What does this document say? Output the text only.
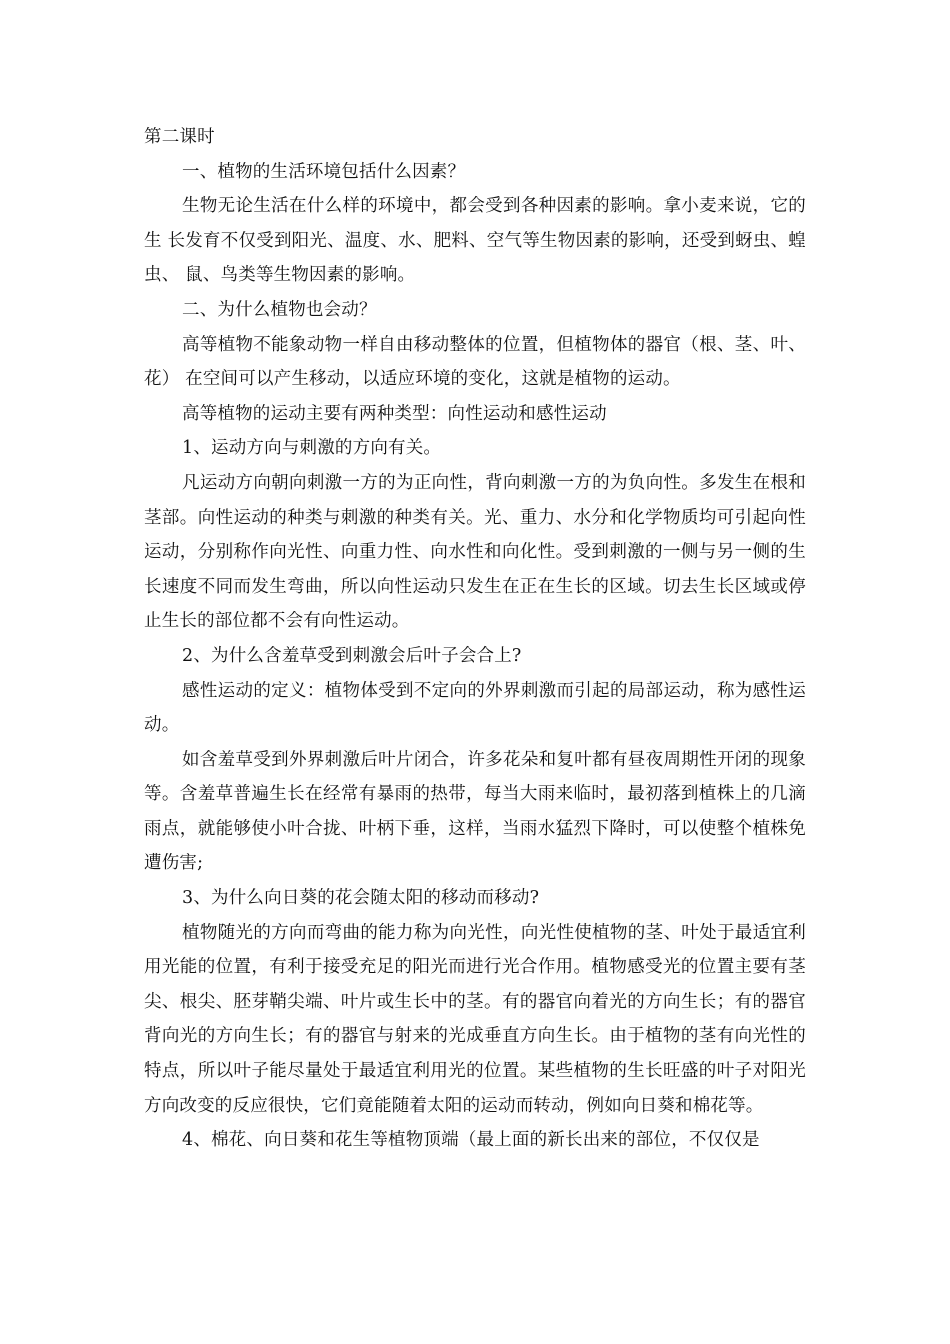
第二课时

一、植物的生活环境包括什么因素？

生物无论生活在什么样的环境中，都会受到各种因素的影响。拿小麦来说，它的生 长发育不仅受到阳光、温度、水、肥料、空气等生物因素的影响，还受到蚜虫、蝗虫、 鼠、鸟类等生物因素的影响。

二、为什么植物也会动？

高等植物不能象动物一样自由移动整体的位置，但植物体的器官（根、茎、叶、花） 在空间可以产生移动，以适应环境的变化，这就是植物的运动。

高等植物的运动主要有两种类型：向性运动和感性运动

1、运动方向与刺激的方向有关。

凡运动方向朝向刺激一方的为正向性，背向刺激一方的为负向性。多发生在根和茎部。向性运动的种类与刺激的种类有关。光、重力、水分和化学物质均可引起向性运动，分别称作向光性、向重力性、向水性和向化性。受到刺激的一侧与另一侧的生长速度不同而发生弯曲，所以向性运动只发生在正在生长的区域。切去生长区域或停止生长的部位都不会有向性运动。

2、为什么含羞草受到刺激会后叶子会合上?

感性运动的定义：植物体受到不定向的外界刺激而引起的局部运动，称为感性运动。

如含羞草受到外界刺激后叶片闭合，许多花朵和复叶都有昼夜周期性开闭的现象等。含羞草普遍生长在经常有暴雨的热带，每当大雨来临时，最初落到植株上的几滴雨点，就能够使小叶合拢、叶柄下垂，这样，当雨水猛烈下降时，可以使整个植株免遭伤害;

3、为什么向日葵的花会随太阳的移动而移动?

植物随光的方向而弯曲的能力称为向光性，向光性使植物的茎、叶处于最适宜利用光能的位置，有利于接受充足的阳光而进行光合作用。植物感受光的位置主要有茎尖、根尖、胚芽鞘尖端、叶片或生长中的茎。有的器官向着光的方向生长；有的器官背向光的方向生长；有的器官与射来的光成垂直方向生长。由于植物的茎有向光性的特点，所以叶子能尽量处于最适宜利用光的位置。某些植物的生长旺盛的叶子对阳光方向改变的反应很快，它们竟能随着太阳的运动而转动，例如向日葵和棉花等。

4、棉花、向日葵和花生等植物顶端（最上面的新长出来的部位，不仅仅是
